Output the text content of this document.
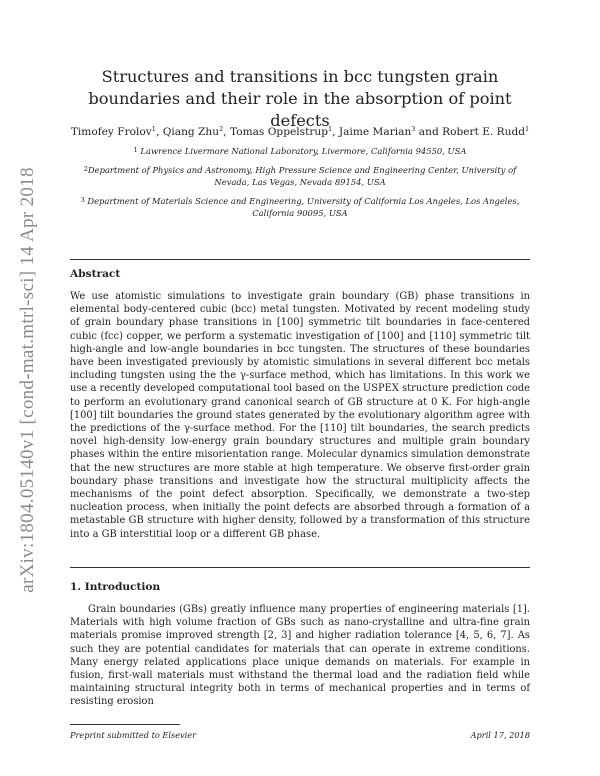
arXiv:1804.05140v1 [cond-mat.mtrl-sci] 14 Apr 2018
Structures and transitions in bcc tungsten grain boundaries and their role in the absorption of point defects
Timofey Frolov$^1$, Qiang Zhu$^2$, Tomas Oppelstrup$^1$, Jaime Marian$^3$ and Robert E. Rudd$^1$
$^1$ Lawrence Livermore National Laboratory, Livermore, California 94550, USA
$^2$Department of Physics and Astronomy, High Pressure Science and Engineering Center, University of Nevada, Las Vegas, Nevada 89154, USA
$^3$ Department of Materials Science and Engineering, University of California Los Angeles, Los Angeles, California 90095, USA
Abstract
We use atomistic simulations to investigate grain boundary (GB) phase transitions in elemental body-centered cubic (bcc) metal tungsten. Motivated by recent modeling study of grain boundary phase transitions in [100] symmetric tilt boundaries in face-centered cubic (fcc) copper, we perform a systematic investigation of [100] and [110] symmetric tilt high-angle and low-angle boundaries in bcc tungsten. The structures of these boundaries have been investigated previously by atomistic simulations in several different bcc metals including tungsten using the the γ-surface method, which has limitations. In this work we use a recently developed computational tool based on the USPEX structure prediction code to perform an evolutionary grand canonical search of GB structure at 0 K. For high-angle [100] tilt boundaries the ground states generated by the evolutionary algorithm agree with the predictions of the γ-surface method. For the [110] tilt boundaries, the search predicts novel high-density low-energy grain boundary structures and multiple grain boundary phases within the entire misorientation range. Molecular dynamics simulation demonstrate that the new structures are more stable at high temperature. We observe first-order grain boundary phase transitions and investigate how the structural multiplicity affects the mechanisms of the point defect absorption. Specifically, we demonstrate a two-step nucleation process, when initially the point defects are absorbed through a formation of a metastable GB structure with higher density, followed by a transformation of this structure into a GB interstitial loop or a different GB phase.
1. Introduction
Grain boundaries (GBs) greatly influence many properties of engineering materials [1]. Materials with high volume fraction of GBs such as nano-crystalline and ultra-fine grain materials promise improved strength [2, 3] and higher radiation tolerance [4, 5, 6, 7]. As such they are potential candidates for materials that can operate in extreme conditions. Many energy related applications place unique demands on materials. For example in fusion, first-wall materials must withstand the thermal load and the radiation field while maintaining structural integrity both in terms of mechanical properties and in terms of resisting erosion
Preprint submitted to Elsevier	April 17, 2018
